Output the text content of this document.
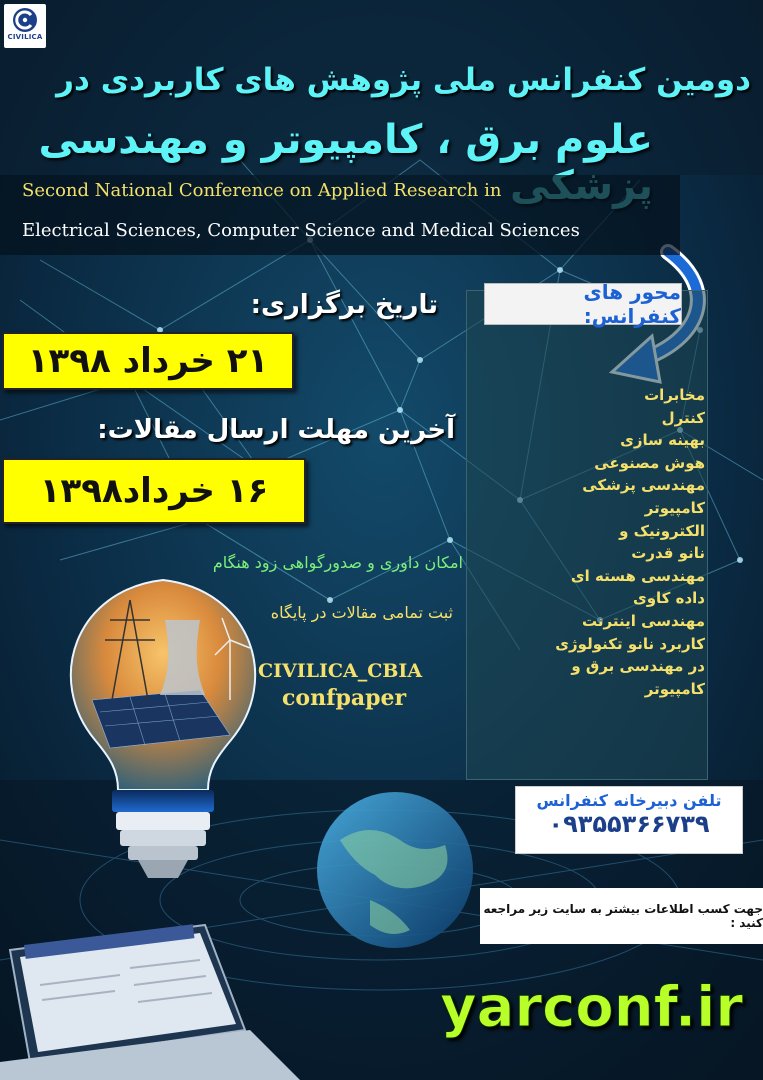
CIVILICA
دومین کنفرانس ملی پژوهش های کاربردی در
علوم برق ، کامپیوتر و مهندسی
Second National Conference on Applied Research in
Electrical Sciences, Computer Science and Medical Sciences
تاریخ برگزاری:
۲۱ خرداد ۱۳۹۸
آخرین مهلت ارسال مقالات:
۱۶ خرداد۱۳۹۸
امکان داوری و صدورگواهی زود هنگام
ثبت تمامی مقالات در پایگاه
CIVILICA_CBIA
confpaper
محور های کنفرانس:
مخابرات
کنترل
بهینه سازی
هوش مصنوعی
مهندسی پزشکی
کامپیوتر
الکترونیک و
نانو قدرت
مهندسی هسته ای
داده کاوی
مهندسی اینترنت
کاربرد نانو تکنولوژی
در مهندسی برق و
کامپیوتر
تلفن دبیرخانه کنفرانس
۰۹۳۵۵۳۶۶۷۳۹
جهت کسب اطلاعات بیشتر به سایت زیر مراجعه کنید :
yarconf.ir
